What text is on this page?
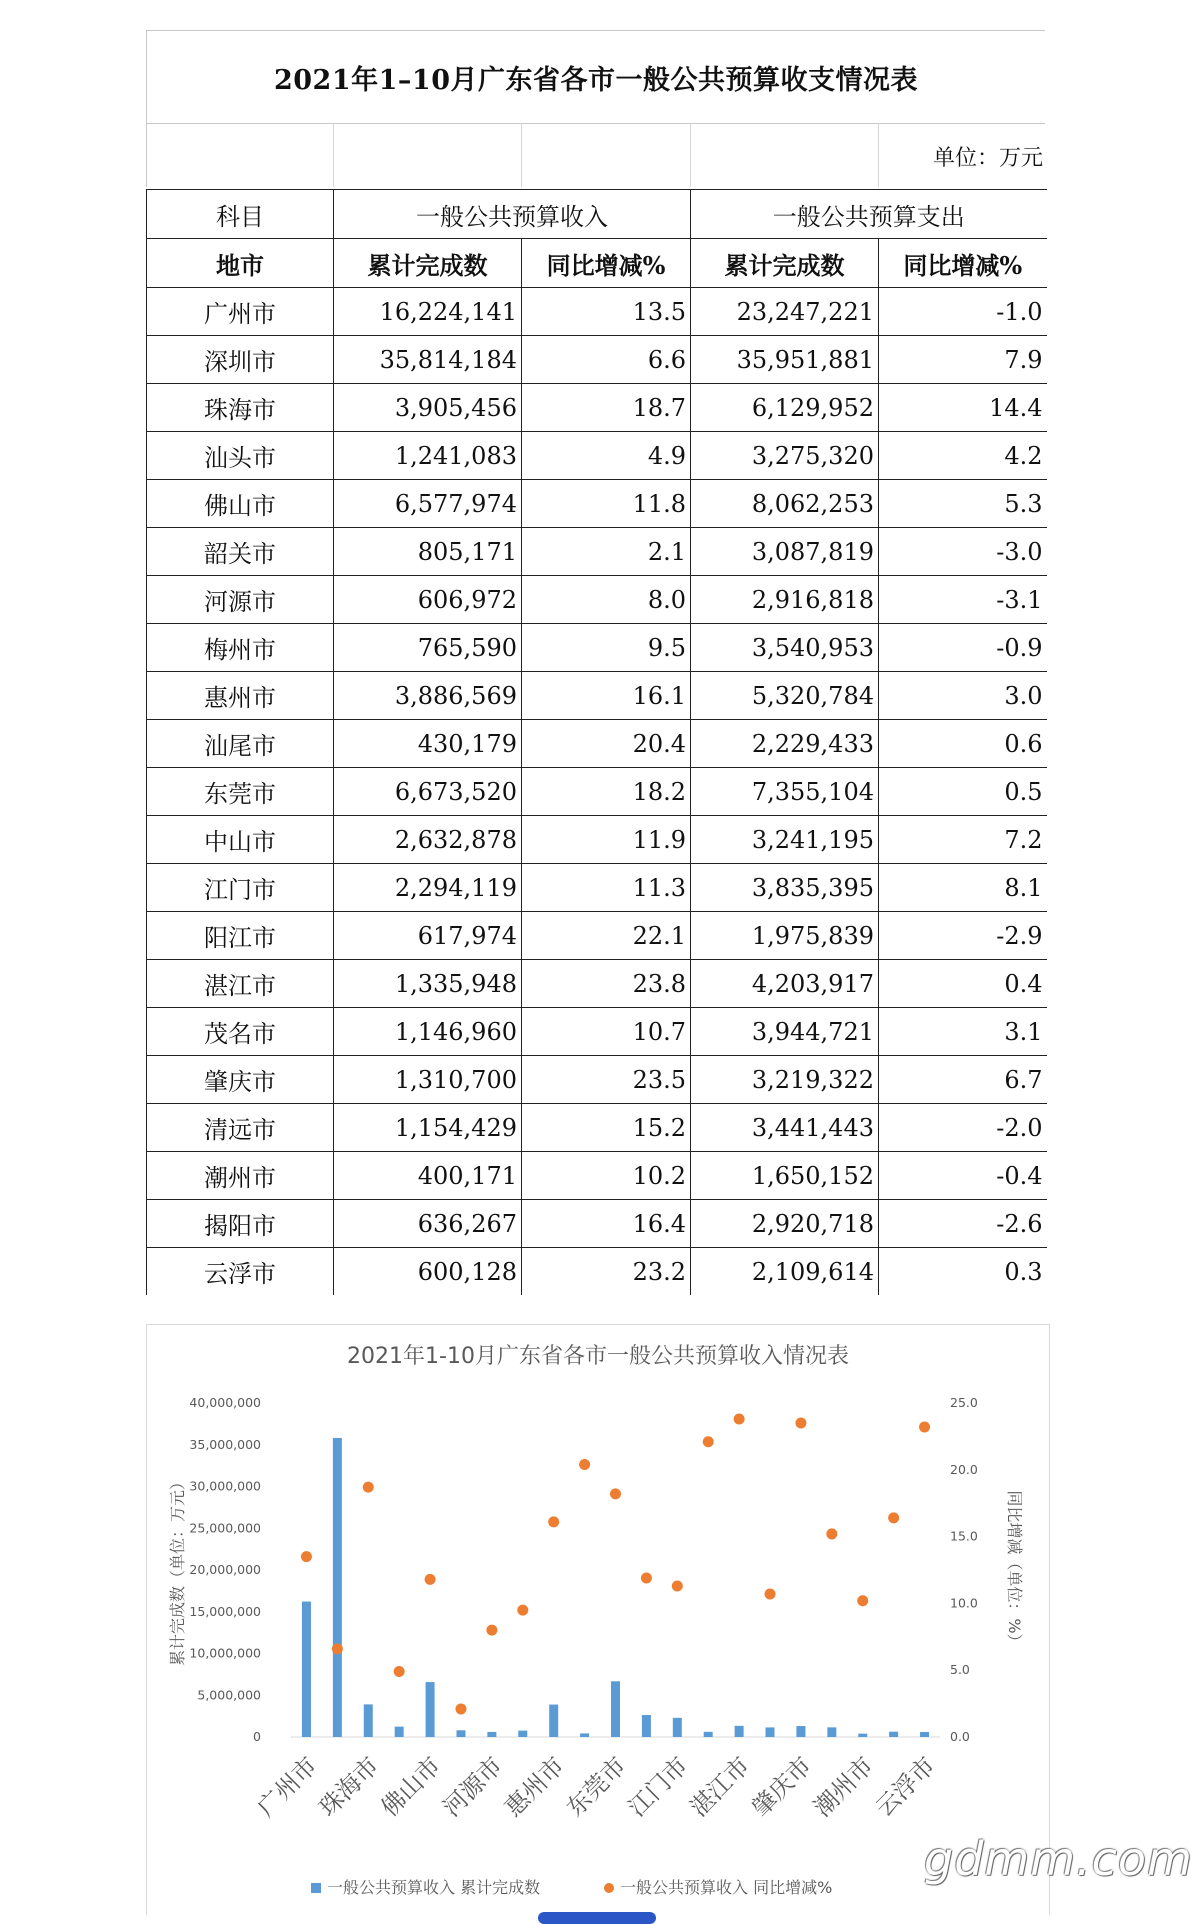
2021年1–10月广东省各市一般公共预算收支情况表
单位：万元
科目	一般公共预算收入		一般公共预算支出	
地市	累计完成数	同比增减%	累计完成数	同比增减%
广州市	16,224,141	13.5	23,247,221	-1.0
深圳市	35,814,184	6.6	35,951,881	7.9
珠海市	3,905,456	18.7	6,129,952	14.4
汕头市	1,241,083	4.9	3,275,320	4.2
佛山市	6,577,974	11.8	8,062,253	5.3
韶关市	805,171	2.1	3,087,819	-3.0
河源市	606,972	8.0	2,916,818	-3.1
梅州市	765,590	9.5	3,540,953	-0.9
惠州市	3,886,569	16.1	5,320,784	3.0
汕尾市	430,179	20.4	2,229,433	0.6
东莞市	6,673,520	18.2	7,355,104	0.5
中山市	2,632,878	11.9	3,241,195	7.2
江门市	2,294,119	11.3	3,835,395	8.1
阳江市	617,974	22.1	1,975,839	-2.9
湛江市	1,335,948	23.8	4,203,917	0.4
茂名市	1,146,960	10.7	3,944,721	3.1
肇庆市	1,310,700	23.5	3,219,322	6.7
清远市	1,154,429	15.2	3,441,443	-2.0
潮州市	400,171	10.2	1,650,152	-0.4
揭阳市	636,267	16.4	2,920,718	-2.6
云浮市	600,128	23.2	2,109,614	0.3
2021年1-10月广东省各市一般公共预算收入情况表
0
5,000,000
10,000,000
15,000,000
20,000,000
25,000,000
30,000,000
35,000,000
40,000,000
0.0
5.0
10.0
15.0
20.0
25.0
累计完成数（单位：万元）	同比增减（单位：%）
广州市
珠海市
佛山市
河源市
惠州市
东莞市
江门市
湛江市
肇庆市
潮州市
云浮市
一般公共预算收入 累计完成数	一般公共预算收入 同比增减%
gdmm.com
